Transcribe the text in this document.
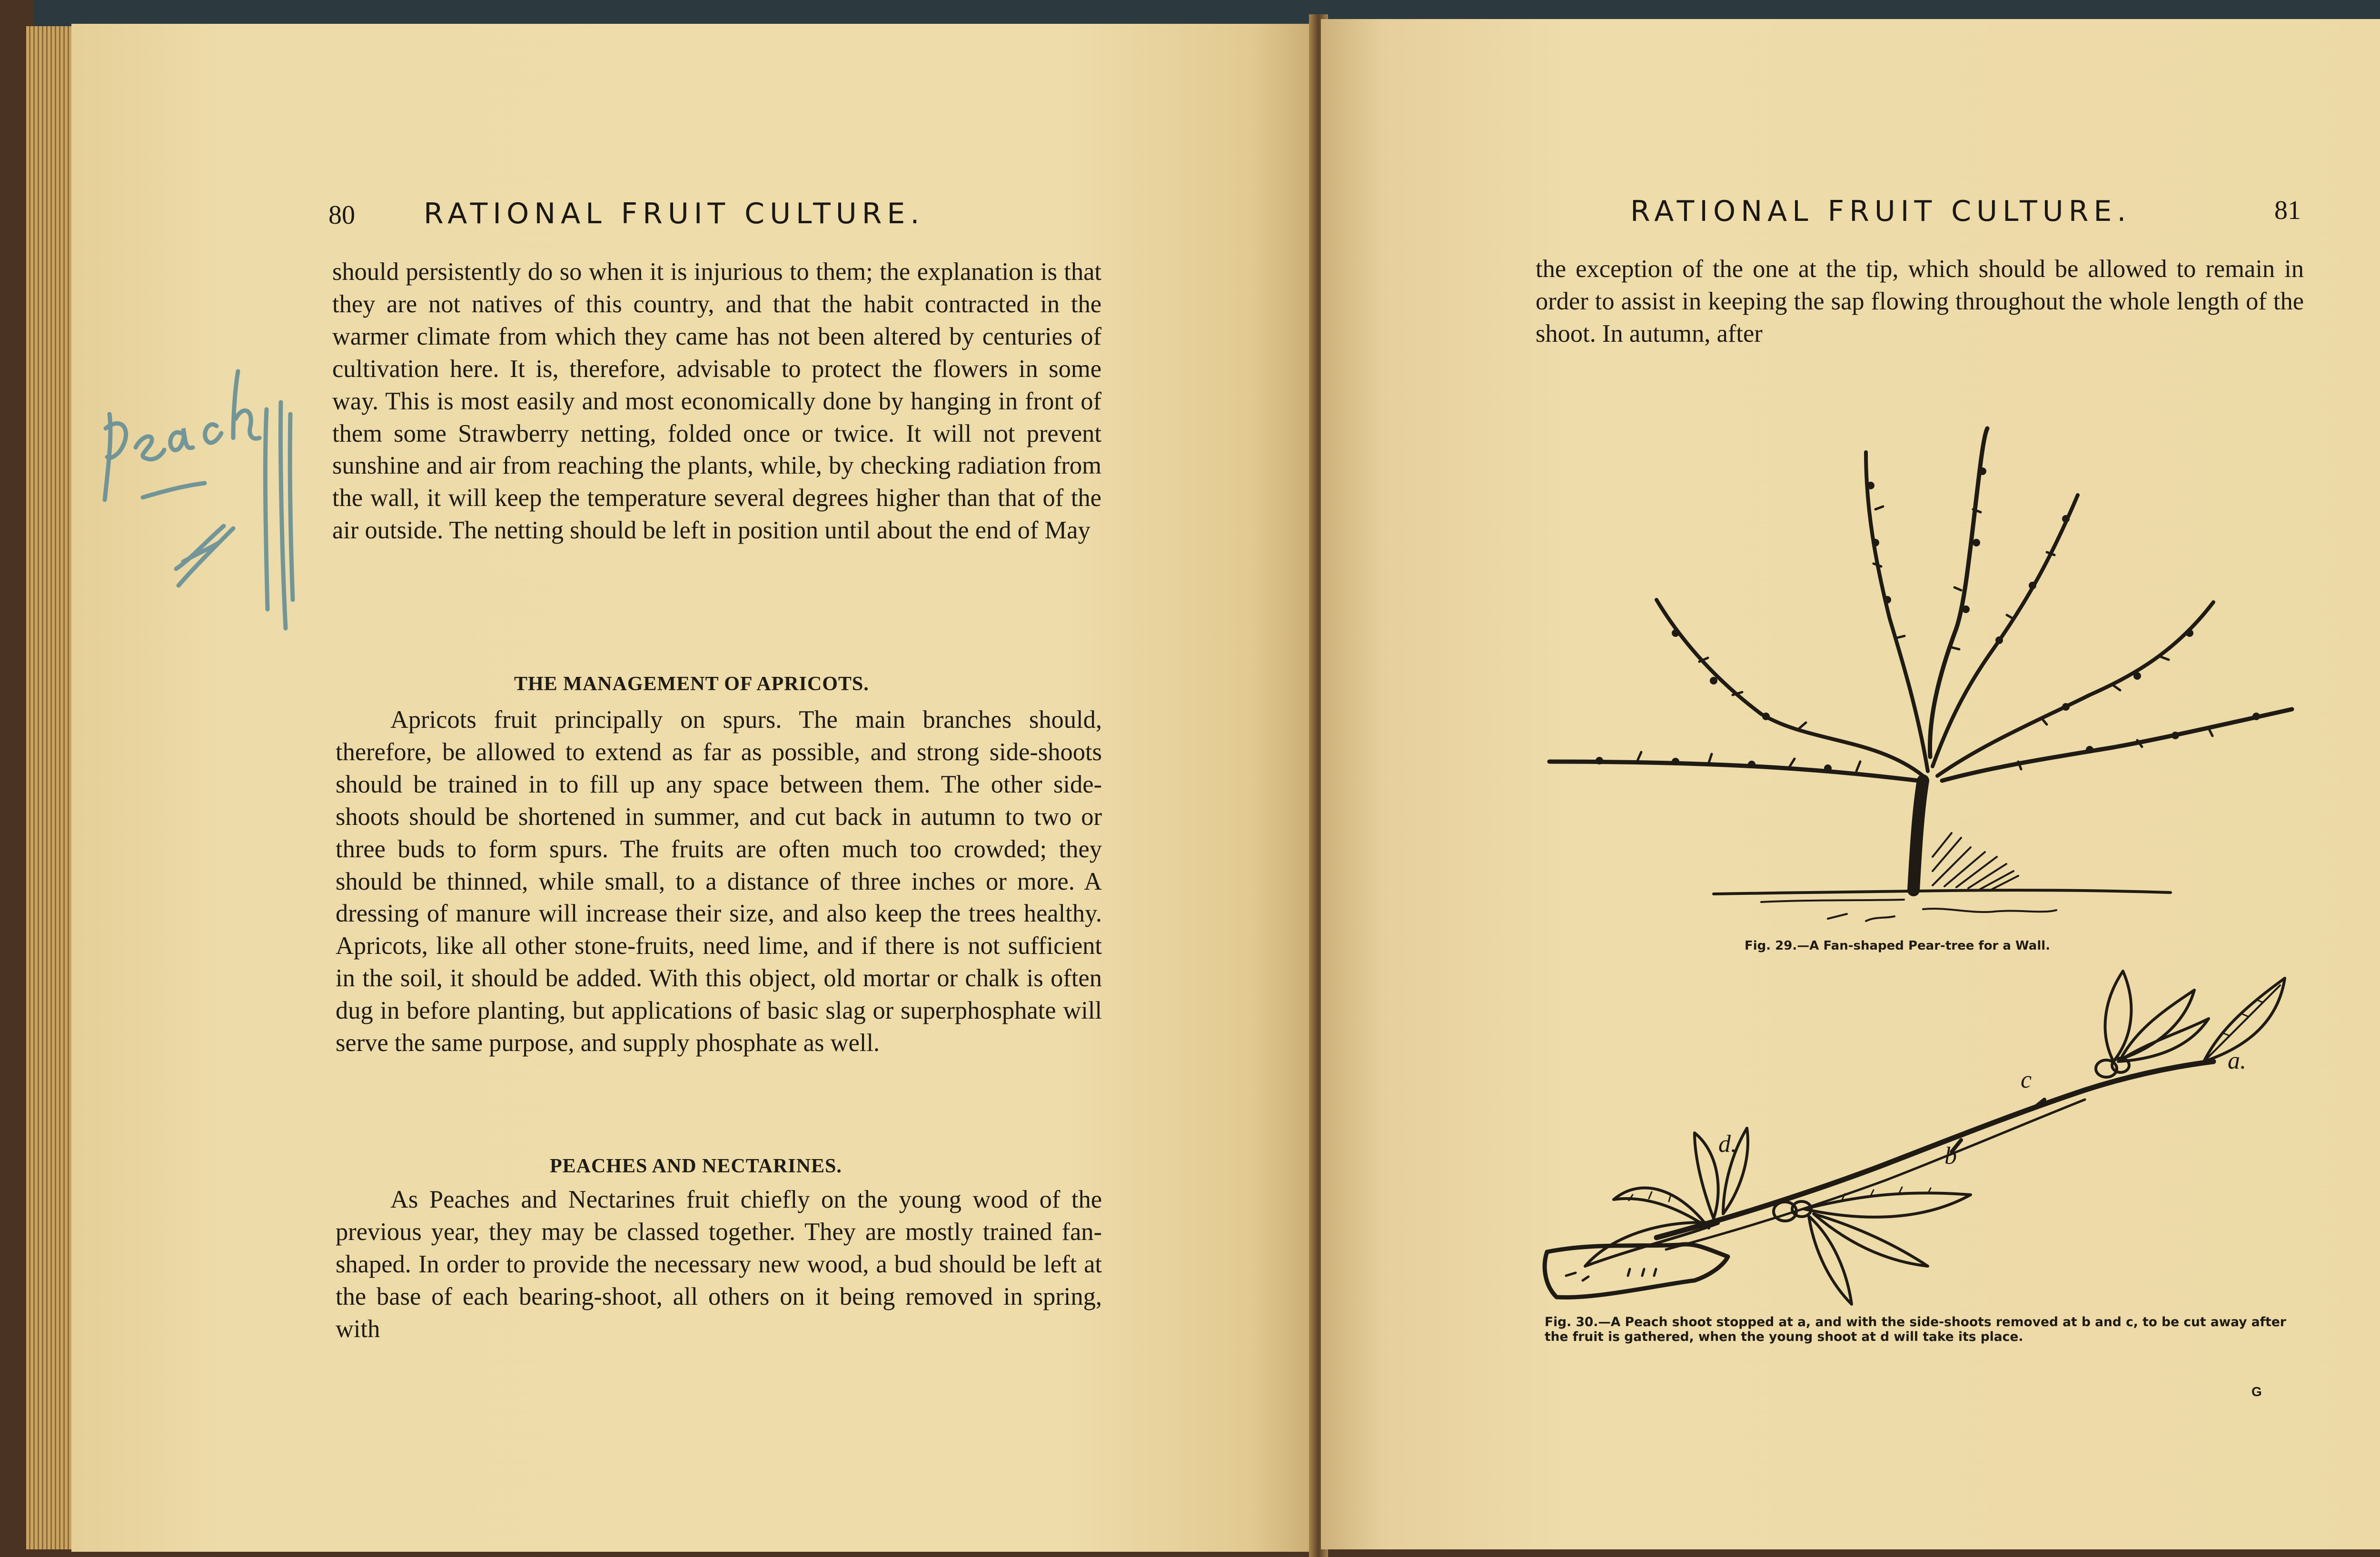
80 RATIONAL FRUIT CULTURE.
should persistently do so when it is injurious to them; the explanation is that they are not natives of this country, and that the habit contracted in the warmer climate from which they came has not been altered by centuries of cultivation here. It is, therefore, advisable to protect the flowers in some way. This is most easily and most economically done by hanging in front of them some Strawberry netting, folded once or twice. It will not prevent sunshine and air from reaching the plants, while, by checking radiation from the wall, it will keep the temperature several degrees higher than that of the air outside. The netting should be left in position until about the end of May
THE MANAGEMENT OF APRICOTS.
Apricots fruit principally on spurs. The main branches should, therefore, be allowed to extend as far as possible, and strong side-shoots should be trained in to fill up any space between them. The other side-shoots should be shortened in summer, and cut back in autumn to two or three buds to form spurs. The fruits are often much too crowded; they should be thinned, while small, to a distance of three inches or more. A dressing of manure will increase their size, and also keep the trees healthy. Apricots, like all other stone-fruits, need lime, and if there is not sufficient in the soil, it should be added. With this object, old mortar or chalk is often dug in before planting, but applications of basic slag or superphosphate will serve the same purpose, and supply phosphate as well.
PEACHES AND NECTARINES.
As Peaches and Nectarines fruit chiefly on the young wood of the previous year, they may be classed together. They are mostly trained fan-shaped. In order to provide the necessary new wood, a bud should be left at the base of each bearing-shoot, all others on it being removed in spring, with
RATIONAL FRUIT CULTURE.	81
the exception of the one at the tip, which should be allowed to remain in order to assist in keeping the sap flowing throughout the whole length of the shoot. In autumn, after
Fig. 29.—A Fan-shaped Pear-tree for a Wall.
a.
b
c
d.
Fig. 30.—A Peach shoot stopped at a, and with the side-shoots removed at b and c, to be cut away after the fruit is gathered, when the young shoot at d will take its place.
G
